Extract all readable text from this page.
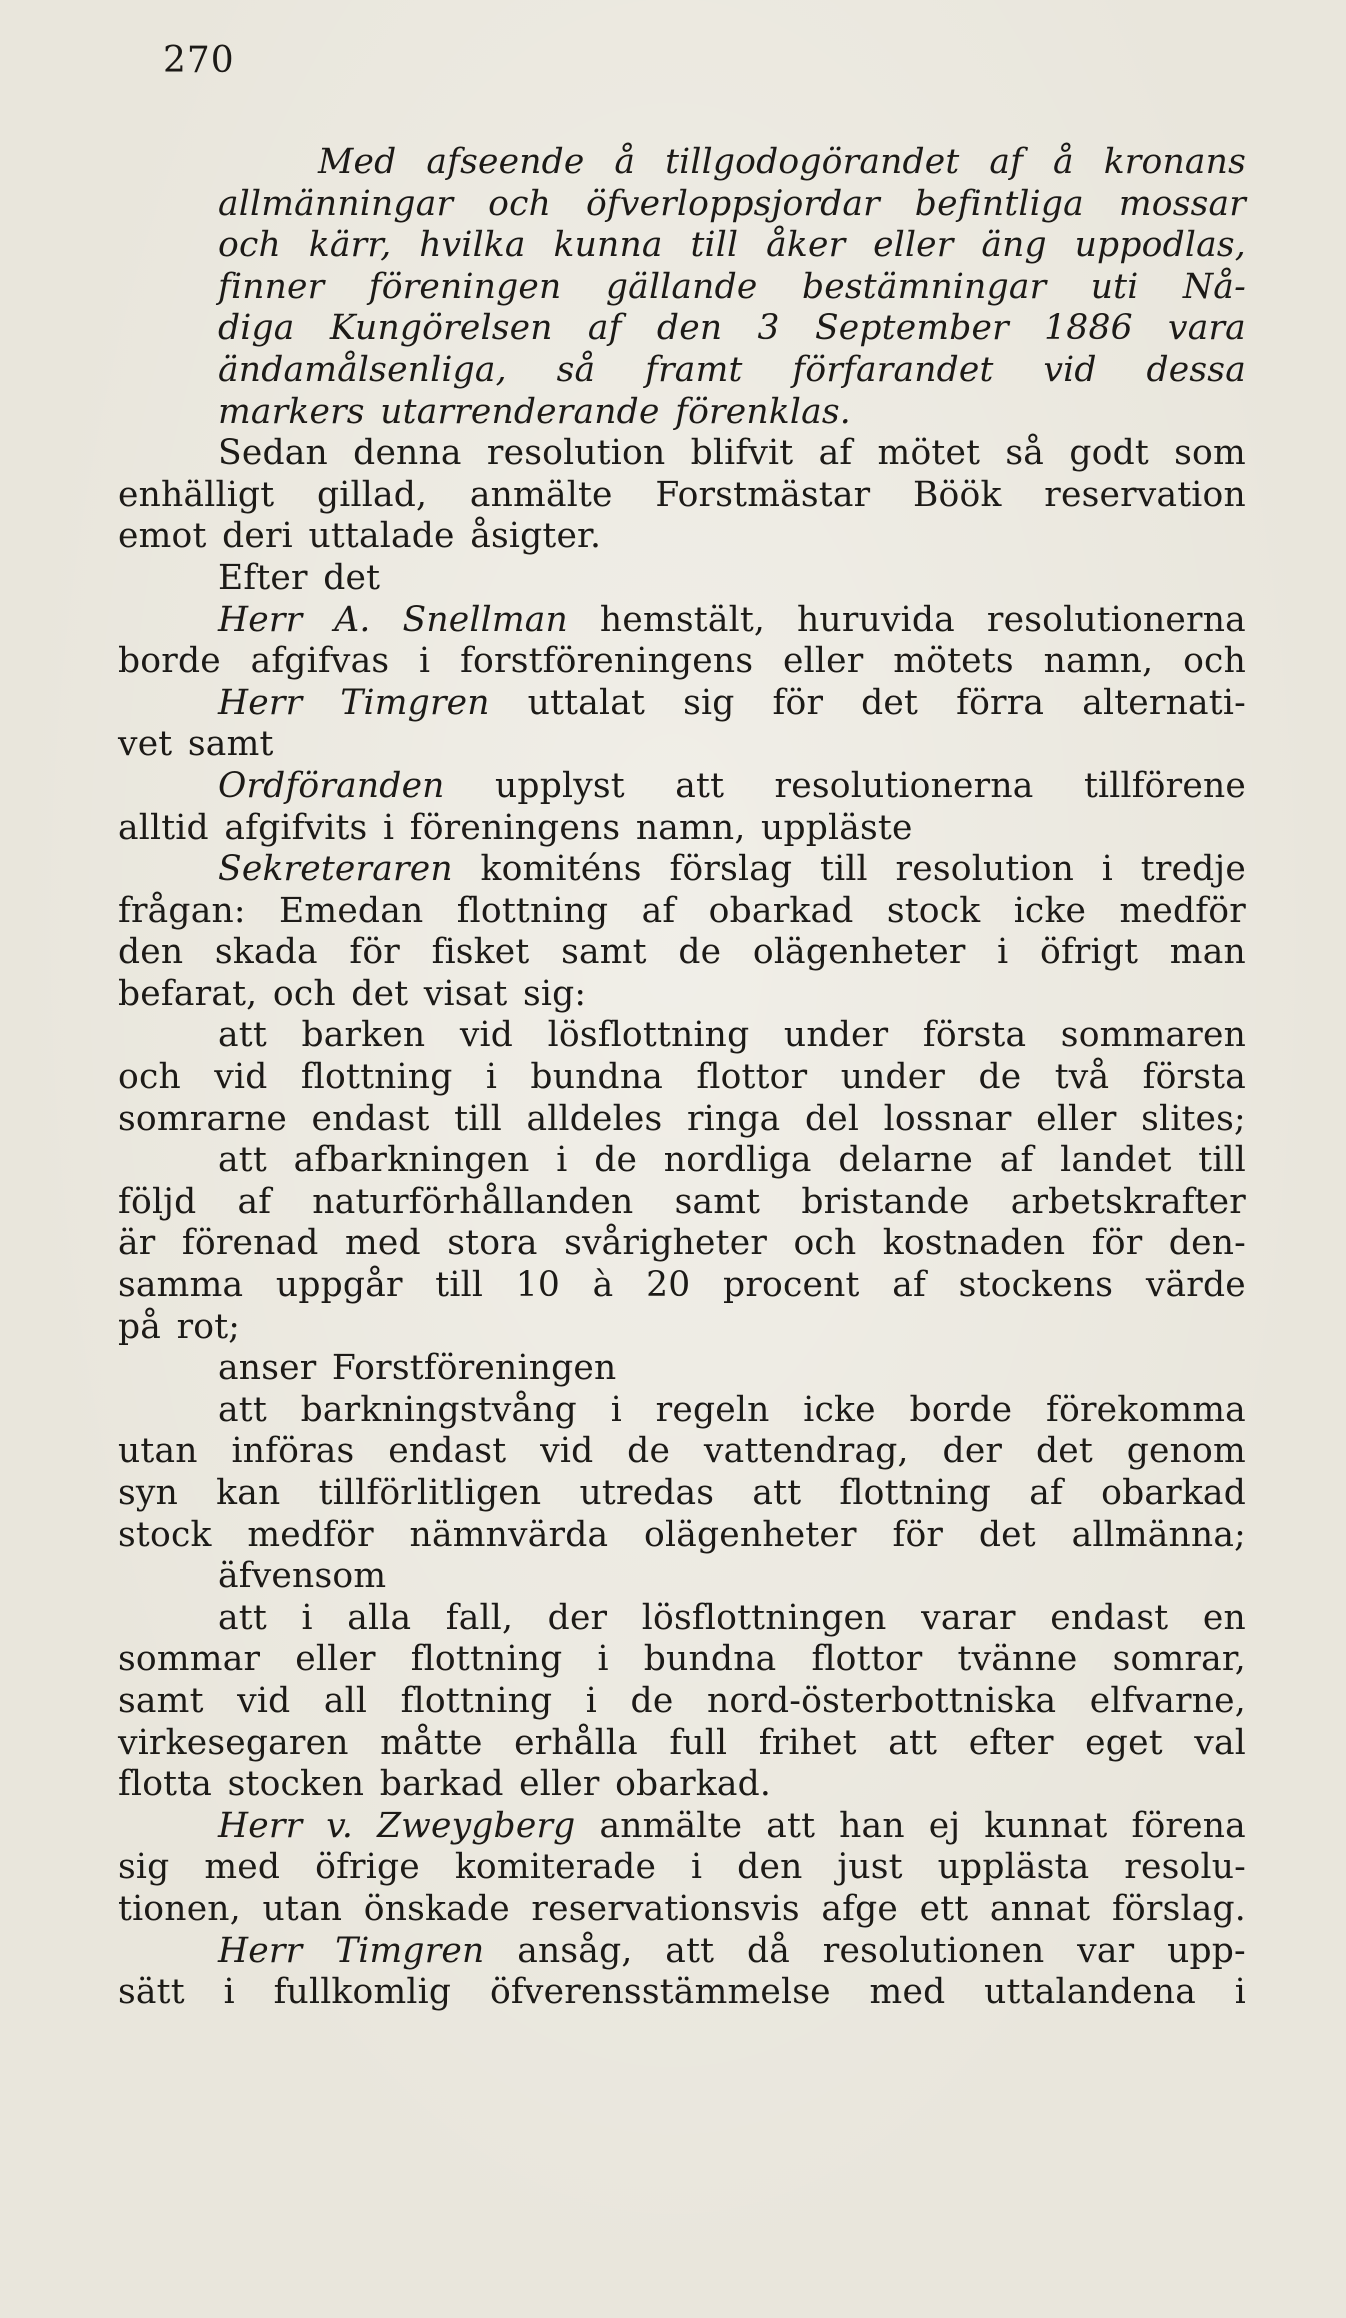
270
Med afseende å tillgodogörandet af å kronans
allmänningar och öfverloppsjordar befintliga mossar
och kärr, hvilka kunna till åker eller äng uppodlas,
finner föreningen gällande bestämningar uti Nå-
diga Kungörelsen af den 3 September 1886 vara
ändamålsenliga, så framt förfarandet vid dessa
markers utarrenderande förenklas.
Sedan denna resolution blifvit af mötet så godt som
enhälligt gillad, anmälte Forstmästar Böök reservation
emot deri uttalade åsigter.
Efter det
Herr A. Snellman hemstält, huruvida resolutionerna
borde afgifvas i forstföreningens eller mötets namn, och
Herr Timgren uttalat sig för det förra alternati-
vet samt
Ordföranden upplyst att resolutionerna tillförene
alltid afgifvits i föreningens namn, uppläste
Sekreteraren komiténs förslag till resolution i tredje
frågan: Emedan flottning af obarkad stock icke medför
den skada för fisket samt de olägenheter i öfrigt man
befarat, och det visat sig:
att barken vid lösflottning under första sommaren
och vid flottning i bundna flottor under de två första
somrarne endast till alldeles ringa del lossnar eller slites;
att afbarkningen i de nordliga delarne af landet till
följd af naturförhållanden samt bristande arbetskrafter
är förenad med stora svårigheter och kostnaden för den-
samma uppgår till 10 à 20 procent af stockens värde
på rot;
anser Forstföreningen
att barkningstvång i regeln icke borde förekomma
utan införas endast vid de vattendrag, der det genom
syn kan tillförlitligen utredas att flottning af obarkad
stock medför nämnvärda olägenheter för det allmänna;
äfvensom
att i alla fall, der lösflottningen varar endast en
sommar eller flottning i bundna flottor tvänne somrar,
samt vid all flottning i de nord-österbottniska elfvarne,
virkesegaren måtte erhålla full frihet att efter eget val
flotta stocken barkad eller obarkad.
Herr v. Zweygberg anmälte att han ej kunnat förena
sig med öfrige komiterade i den just upplästa resolu-
tionen, utan önskade reservationsvis afge ett annat förslag.
Herr Timgren ansåg, att då resolutionen var upp-
sätt i fullkomlig öfverensstämmelse med uttalandena i
